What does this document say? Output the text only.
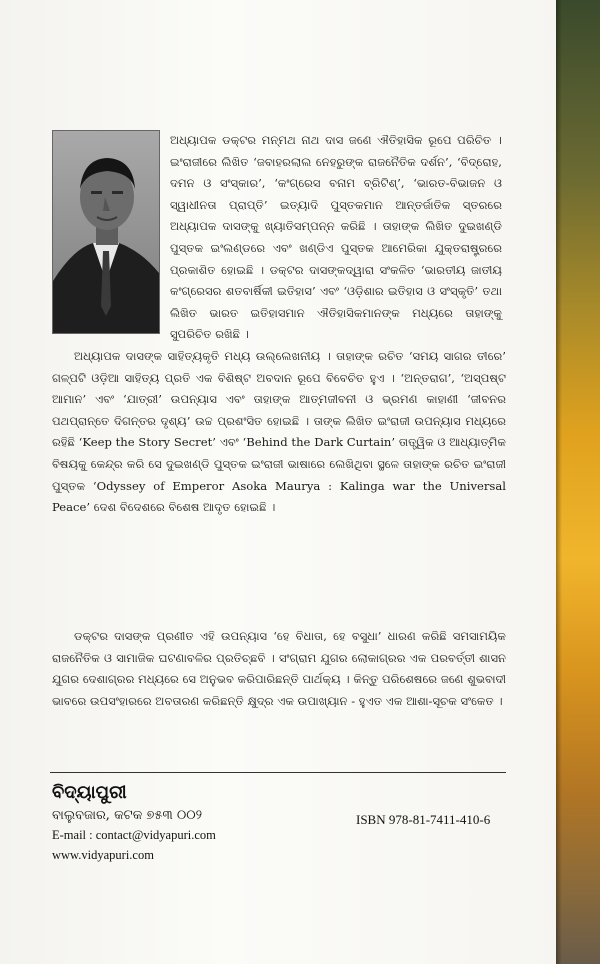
ଅଧ୍ୟାପକ ଡକ୍ଟର ମନ୍ମଥ ନାଥ ଦାସ ଜଣେ ଐତିହାସିକ ରୂପେ ପରିଚିତ । ଇଂରାଜୀରେ ଲିଖିତ ‘ଜବାହରଲାଲ ନେହରୁଙ୍କ ରାଜନୈତିକ ଦର୍ଶନ’, ‘ବିଦ୍ରୋହ, ଦମନ ଓ ସଂସ୍କାର’, ‘କଂଗ୍ରେସ ବନାମ ବ୍ରିଟିଶ୍’, ‘ଭାରତ-ବିଭାଜନ ଓ ସ୍ୱାଧୀନତା ପ୍ରାପ୍ତି’ ଇତ୍ୟାଦି ପୁସ୍ତକମାନ ଆନ୍ତର୍ଜାତିକ ସ୍ତରରେ ଅଧ୍ୟାପକ ଦାସଙ୍କୁ ଖ୍ୟାତିସମ୍ପନ୍ନ କରିଛି । ତାହାଙ୍କ ଲିଖିତ ଦୁଇଖଣ୍ଡି ପୁସ୍ତକ ଇଂଲଣ୍ଡରେ ଏବଂ ଖଣ୍ଡିଏ ପୁସ୍ତକ ଆମେରିକା ଯୁକ୍ତରାଷ୍ଟ୍ରରେ ପ୍ରକାଶିତ ହୋଇଛି । ଡକ୍ଟର ଦାସଙ୍କଦ୍ୱାରା ସଂକଳିତ ‘ଭାରତୀୟ ଜାତୀୟ କଂଗ୍ରେସର ଶତବାର୍ଷିକୀ ଇତିହାସ’ ଏବଂ ‘ଓଡ଼ିଶାର ଇତିହାସ ଓ ସଂସ୍କୃତି’ ତଥା ଲିଖିତ ଭାରତ ଇତିହାସମାନ ଐତିହାସିକମାନଙ୍କ ମଧ୍ୟରେ ତାହାଙ୍କୁ ସୁପରିଚିତ ରଖିଛି ।

ଅଧ୍ୟାପକ ଦାସଙ୍କ ସାହିତ୍ୟକୃତି ମଧ୍ୟ ଉଲ୍ଲେଖନୀୟ । ତାହାଙ୍କ ରଚିତ ‘ସମୟ ସାଗର ତୀରେ’ ଗଳ୍ପଟି ଓଡ଼ିଆ ସାହିତ୍ୟ ପ୍ରତି ଏକ ବିଶିଷ୍ଟ ଅବଦାନ ରୂପେ ବିବେଚିତ ହୁଏ । ‘ଅନ୍ତରାଗ’, ‘ଅସ୍ପଷ୍ଟ ଆମାନ’ ଏବଂ ‘ଯାତ୍ରୀ’ ଉପନ୍ୟାସ ଏବଂ ତାହାଙ୍କ ଆତ୍ମଜୀବନୀ ଓ ଭ୍ରମଣ କାହାଣୀ ‘ଜୀବନର ପଥପ୍ରାନ୍ତେ ଦିଗନ୍ତର ଦୃଶ୍ୟ’ ଉଚ୍ଚ ପ୍ରଶଂସିତ ହୋଇଛି । ତାଙ୍କ ଲିଖିତ ଇଂରାଜୀ ଉପନ୍ୟାସ ମଧ୍ୟରେ ରହିଛି ‘Keep the Story Secret’ ଏବଂ ‘Behind the Dark Curtain’ ତାତ୍ତ୍ୱିକ ଓ ଆଧ୍ୟାତ୍ମିକ ବିଷୟକୁ କେନ୍ଦ୍ର କରି ସେ ଦୁଇଖଣ୍ଡି ପୁସ୍ତକ ଇଂରାଜୀ ଭାଷାରେ ଲେଖିଥିବା ସ୍ଥଳେ ତାହାଙ୍କ ରଚିତ ଇଂରାଜୀ ପୁସ୍ତକ ‘Odyssey of Emperor Asoka Maurya : Kalinga war the Universal Peace’ ଦେଶ ବିଦେଶରେ ବିଶେଷ ଆଦୃତ ହୋଇଛି ।

ଡକ୍ଟର ଦାସଙ୍କ ପ୍ରଣୀତ ଏହି ଉପନ୍ୟାସ ‘ହେ ବିଧାତା, ହେ ବସୁଧା’ ଧାରଣ କରିଛି ସମସାମୟିକ ରାଜନୈତିକ ଓ ସାମାଜିକ ଘଟଣାବଳିର ପ୍ରତିଚ୍ଛବି । ସଂଗ୍ରାମ ଯୁଗର ଲୋକାଗ୍ରର ଏକ ପରବର୍ତ୍ତୀ ଶାସନ ଯୁଗର ଦେଶାଗ୍ରର ମଧ୍ୟରେ ସେ ଅନୁଭବ କରିପାରିଛନ୍ତି ପାର୍ଥକ୍ୟ । କିନ୍ତୁ ପରିଶେଷରେ ଜଣେ ଶୁଭବାଦୀ ଭାବରେ ଉପସଂହାରରେ ଅବତାରଣ କରିଛନ୍ତି କ୍ଷୁଦ୍ର ଏକ ଉପାଖ୍ୟାନ - ହୁଏତ ଏକ ଆଶା-ସୂଚକ ସଂକେତ ।

ବିଦ୍ୟାପୁରୀ
ବାଲୁବଜାର, କଟକ ୭୫୩ ୦୦୨
E-mail : contact@vidyapuri.com
www.vidyapuri.com
ISBN 978-81-7411-410-6
